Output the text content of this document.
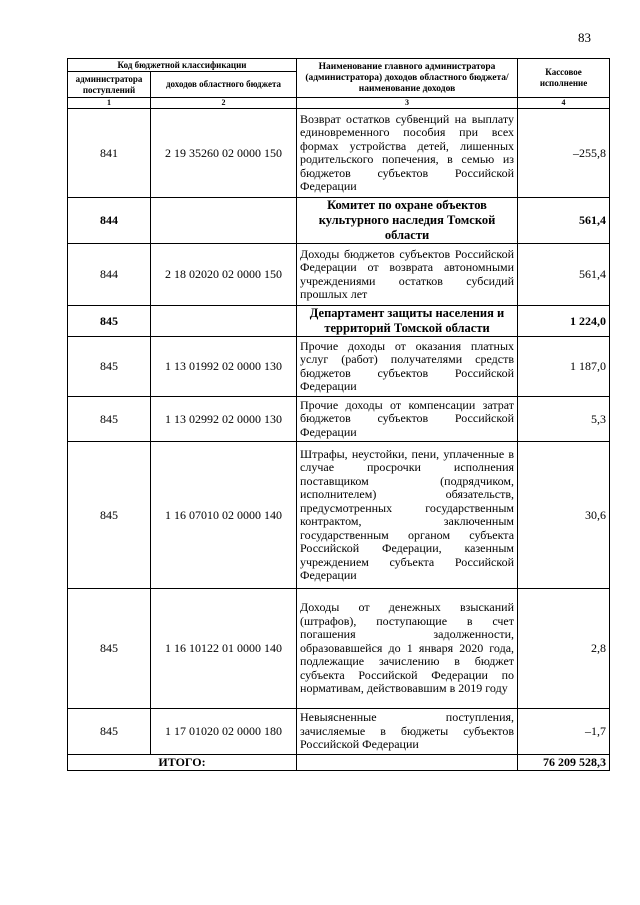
83
Код бюджетной классификации		Наименование главного администратора (администратора) доходов областного бюджета/ наименование доходов	Кассовое исполнение
администратора поступлений	доходов областного бюджета		
1	2	3	4
841	2 19 35260 02 0000 150	Возврат остатков субвенций на выплату единовременного пособия при всех формах устройства детей, лишенных родительского попечения, в семью из бюджетов субъектов Российской Федерации	–255,8
844		Комитет по охране объектов культурного наследия Томской области	561,4
844	2 18 02020 02 0000 150	Доходы бюджетов субъектов Российской Федерации от возврата автономными учреждениями остатков субсидий прошлых лет	561,4
845		Департамент защиты населения и территорий Томской области	1 224,0
845	1 13 01992 02 0000 130	Прочие доходы от оказания платных услуг (работ) получателями средств бюджетов субъектов Российской Федерации	1 187,0
845	1 13 02992 02 0000 130	Прочие доходы от компенсации затрат бюджетов субъектов Российской Федерации	5,3
845	1 16 07010 02 0000 140	Штрафы, неустойки, пени, уплаченные в случае просрочки исполнения поставщиком (подрядчиком, исполнителем) обязательств, предусмотренных государственным контрактом, заключенным государственным органом субъекта Российской Федерации, казенным учреждением субъекта Российской Федерации	30,6
845	1 16 10122 01 0000 140	Доходы от денежных взысканий (штрафов), поступающие в счет погашения задолженности, образовавшейся до 1 января 2020 года, подлежащие зачислению в бюджет субъекта Российской Федерации по нормативам, действовавшим в 2019 году	2,8
845	1 17 01020 02 0000 180	Невыясненные поступления, зачисляемые в бюджеты субъектов Российской Федерации	–1,7
ИТОГО:			76 209 528,3
